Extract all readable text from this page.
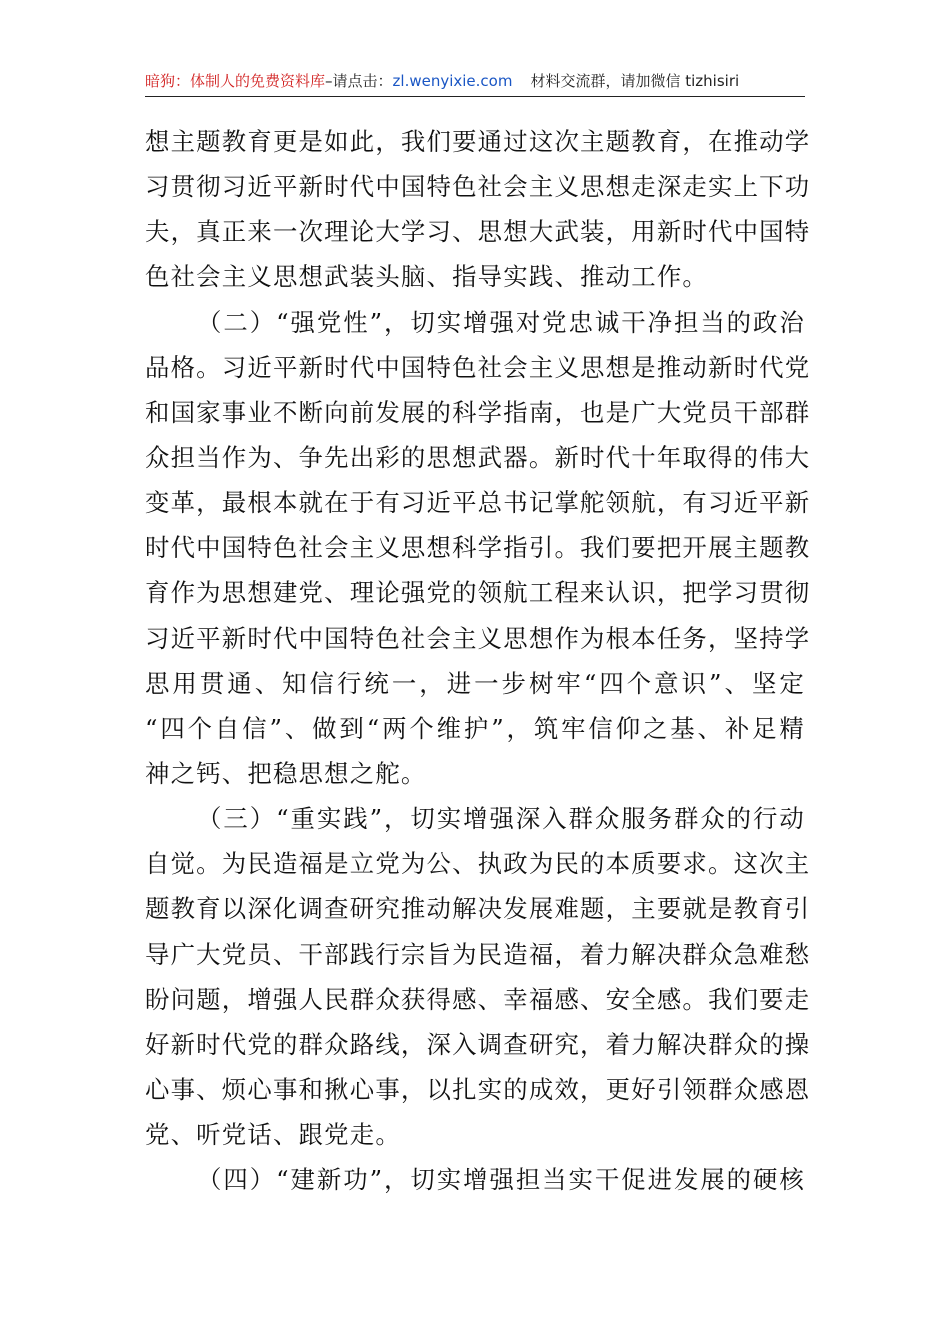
暗狗：体制人的免费资料库–请点击：zl.wenyixie.com 材料交流群，请加微信 tizhisiri
想主题教育更是如此，我们要通过这次主题教育，在推动学
习贯彻习近平新时代中国特色社会主义思想走深走实上下功
夫，真正来一次理论大学习、思想大武装，用新时代中国特
色社会主义思想武装头脑、指导实践、推动工作。
（二）“强党性”，切实增强对党忠诚干净担当的政治
品格。习近平新时代中国特色社会主义思想是推动新时代党
和国家事业不断向前发展的科学指南，也是广大党员干部群
众担当作为、争先出彩的思想武器。新时代十年取得的伟大
变革，最根本就在于有习近平总书记掌舵领航，有习近平新
时代中国特色社会主义思想科学指引。我们要把开展主题教
育作为思想建党、理论强党的领航工程来认识，把学习贯彻
习近平新时代中国特色社会主义思想作为根本任务，坚持学
思用贯通、知信行统一，进一步树牢“四个意识”、坚定
“四个自信”、做到“两个维护”，筑牢信仰之基、补足精
神之钙、把稳思想之舵。
（三）“重实践”，切实增强深入群众服务群众的行动
自觉。为民造福是立党为公、执政为民的本质要求。这次主
题教育以深化调查研究推动解决发展难题，主要就是教育引
导广大党员、干部践行宗旨为民造福，着力解决群众急难愁
盼问题，增强人民群众获得感、幸福感、安全感。我们要走
好新时代党的群众路线，深入调查研究，着力解决群众的操
心事、烦心事和揪心事，以扎实的成效，更好引领群众感恩
党、听党话、跟党走。
（四）“建新功”，切实增强担当实干促进发展的硬核
